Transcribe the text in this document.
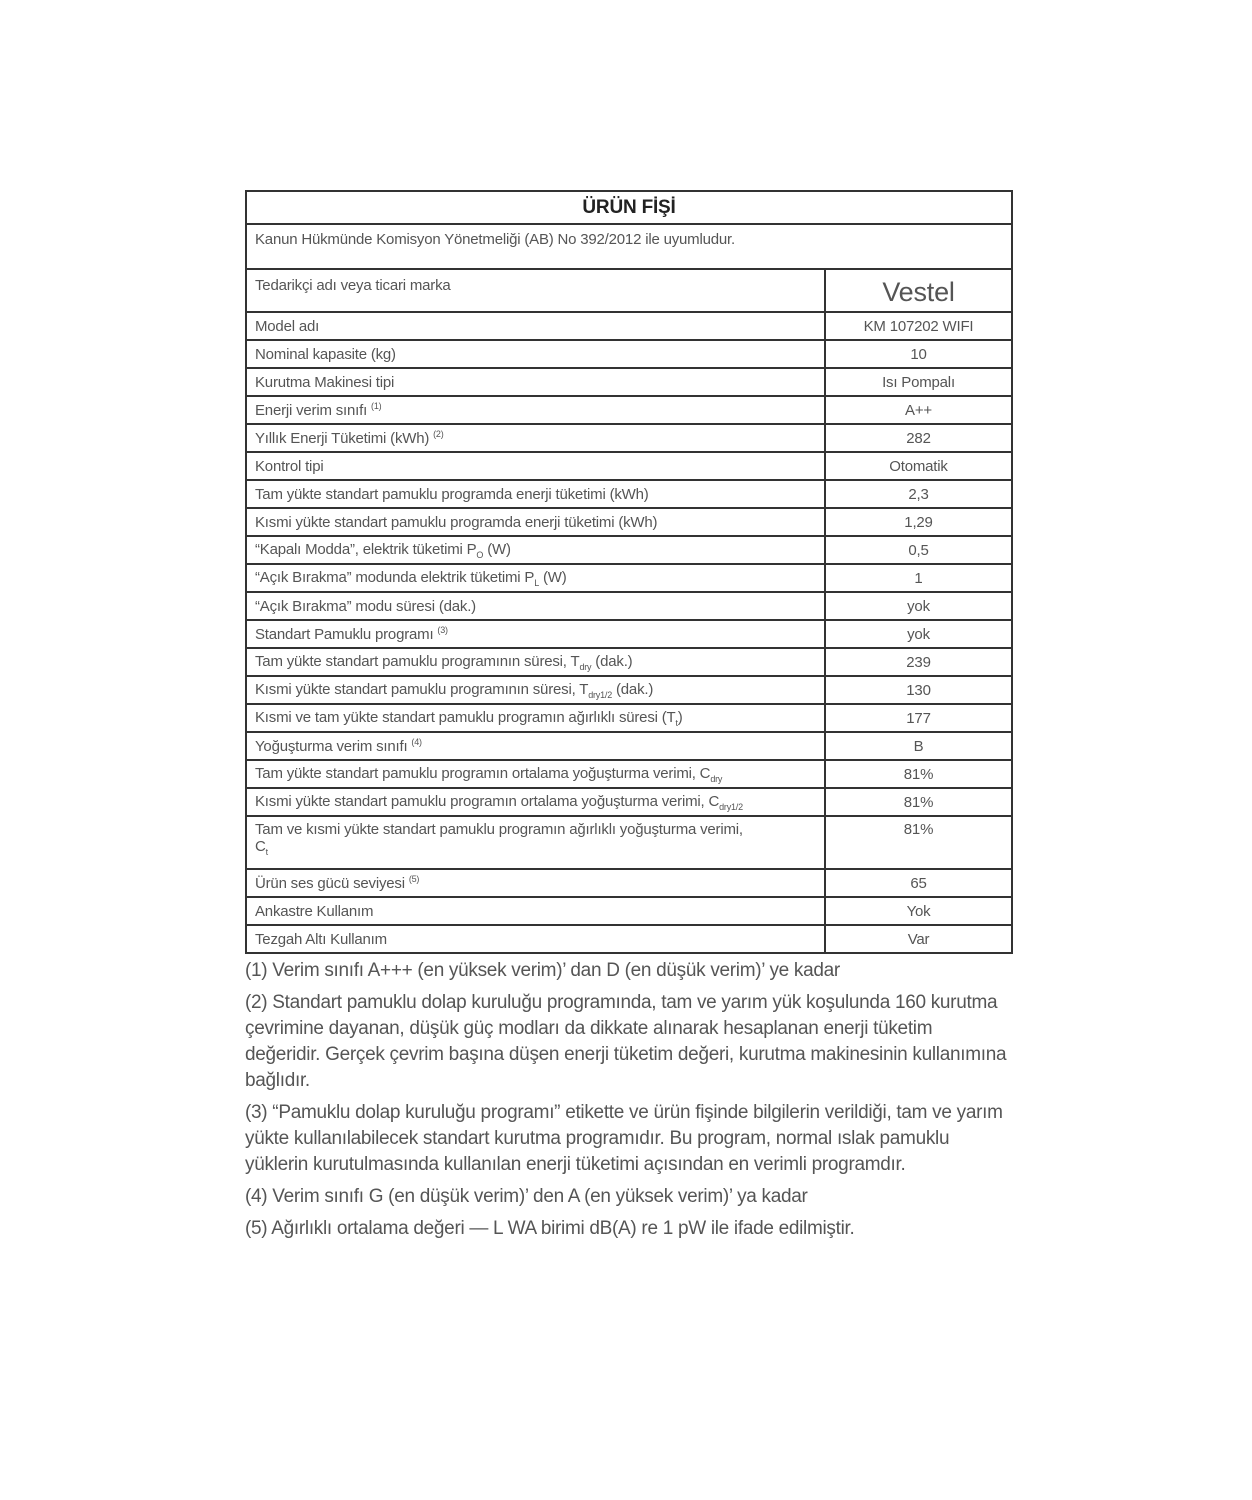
ÜRÜN FİŞİ	
Kanun Hükmünde Komisyon Yönetmeliği (AB) No 392/2012 ile uyumludur.	
Tedarikçi adı veya ticari marka	Vestel
Model adı	KM 107202 WIFI
Nominal kapasite (kg)	10
Kurutma Makinesi tipi	Isı Pompalı
Enerji verim sınıfı $^{(1)}$	A++
Yıllık Enerji Tüketimi (kWh) $^{(2)}$	282
Kontrol tipi	Otomatik
Tam yükte standart pamuklu programda enerji tüketimi (kWh)	2,3
Kısmi yükte standart pamuklu programda enerji tüketimi (kWh)	1,29
“Kapalı Modda”, elektrik tüketimi $P_O$ (W)	0,5
“Açık Bırakma” modunda elektrik tüketimi $P_L$ (W)	1
“Açık Bırakma” modu süresi (dak.)	yok
Standart Pamuklu programı $^{(3)}$	yok
Tam yükte standart pamuklu programının süresi, $T_{dry}$ (dak.)	239
Kısmi yükte standart pamuklu programının süresi, $T_{dry1/2}$ (dak.)	130
Kısmi ve tam yükte standart pamuklu programın ağırlıklı süresi $(T_t)$	177
Yoğuşturma verim sınıfı $^{(4)}$	B
Tam yükte standart pamuklu programın ortalama yoğuşturma verimi, $C_{dry}$	81%
Kısmi yükte standart pamuklu programın ortalama yoğuşturma verimi, $C_{dry1/2}$	81%
Tam ve kısmi yükte standart pamuklu programın ağırlıklı yoğuşturma verimi,
$C_t$	81%
Ürün ses gücü seviyesi $^{(5)}$	65
Ankastre Kullanım	Yok
Tezgah Altı Kullanım	Var

(1) Verim sınıfı A+++ (en yüksek verim)’ dan D (en düşük verim)’ ye kadar

(2) Standart pamuklu dolap kuruluğu programında, tam ve yarım yük koşulunda 160 kurutma çevrimine dayanan, düşük güç modları da dikkate alınarak hesaplanan enerji tüketim değeridir. Gerçek çevrim başına düşen enerji tüketim değeri, kurutma makinesinin kullanımına bağlıdır.

(3) “Pamuklu dolap kuruluğu programı” etikette ve ürün fişinde bilgilerin verildiği, tam ve yarım yükte kullanılabilecek standart kurutma programıdır. Bu program, normal ıslak pamuklu yüklerin kurutulmasında kullanılan enerji tüketimi açısından en verimli programdır.

(4) Verim sınıfı G (en düşük verim)’ den A (en yüksek verim)’ ya kadar

(5) Ağırlıklı ortalama değeri — L WA birimi dB(A) re 1 pW ile ifade edilmiştir.
